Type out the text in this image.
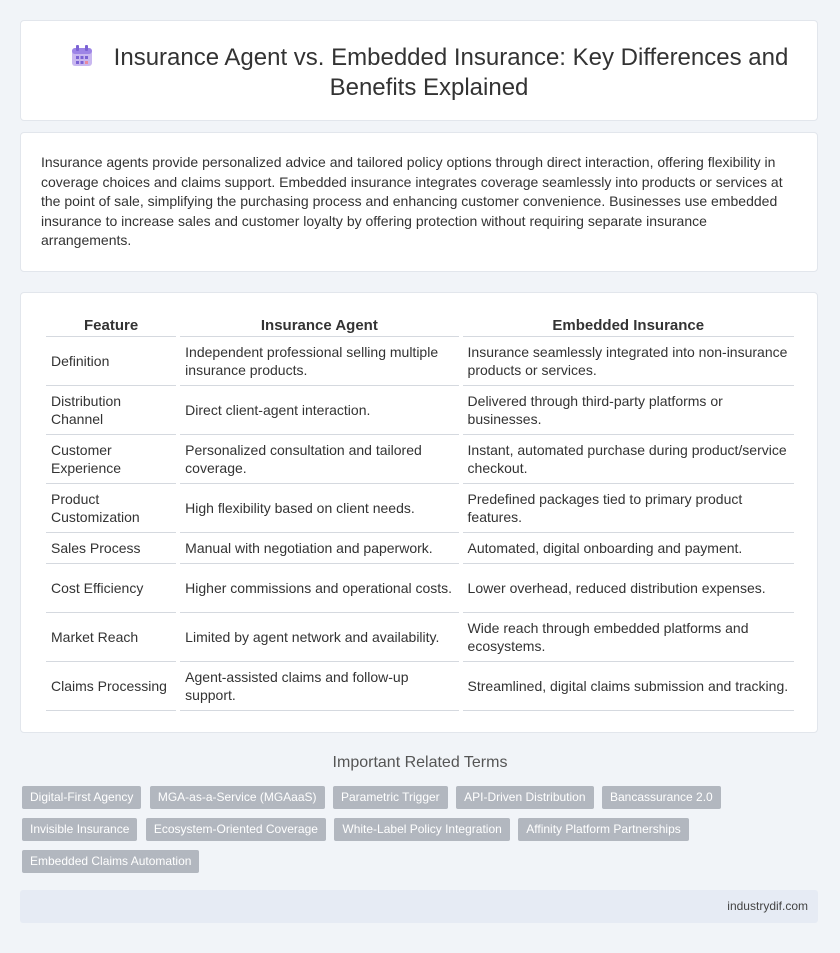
Insurance Agent vs. Embedded Insurance: Key Differences and Benefits Explained

Insurance agents provide personalized advice and tailored policy options through direct interaction, offering flexibility in coverage choices and claims support. Embedded insurance integrates coverage seamlessly into products or services at the point of sale, simplifying the purchasing process and enhancing customer convenience. Businesses use embedded insurance to increase sales and customer loyalty by offering protection without requiring separate insurance arrangements.

Feature	Insurance Agent	Embedded Insurance
Definition	Independent professional selling multiple insurance products.	Insurance seamlessly integrated into non-insurance products or services.
Distribution Channel	Direct client-agent interaction.	Delivered through third-party platforms or businesses.
Customer Experience	Personalized consultation and tailored coverage.	Instant, automated purchase during product/service checkout.
Product Customization	High flexibility based on client needs.	Predefined packages tied to primary product features.
Sales Process	Manual with negotiation and paperwork.	Automated, digital onboarding and payment.
Cost Efficiency	Higher commissions and operational costs.	Lower overhead, reduced distribution expenses.
Market Reach	Limited by agent network and availability.	Wide reach through embedded platforms and ecosystems.
Claims Processing	Agent-assisted claims and follow-up support.	Streamlined, digital claims submission and tracking.
Important Related Terms
Digital-First Agency MGA-as-a-Service (MGAaaS) Parametric Trigger API-Driven Distribution Bancassurance 2.0 Invisible Insurance Ecosystem-Oriented Coverage White-Label Policy Integration Affinity Platform Partnerships Embedded Claims Automation
industrydif.com
